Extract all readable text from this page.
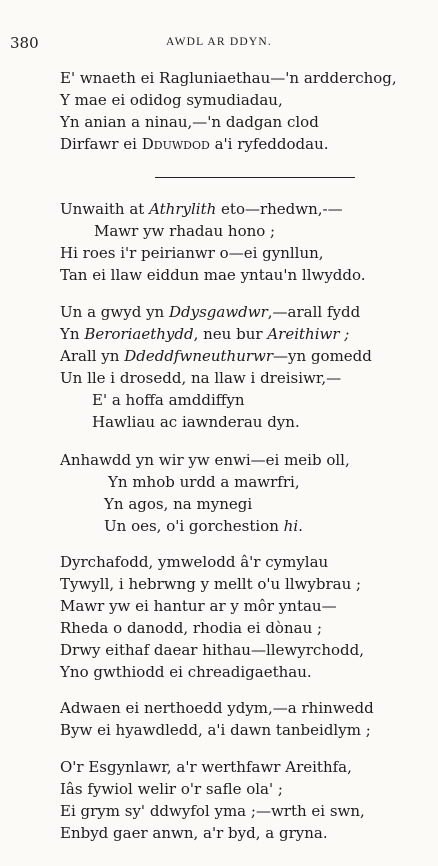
380	AWDL AR DDYN.
E' wnaeth ei Ragluniaethau—'n ardderchog,
Y mae ei odidog symudiadau,
Yn anian a ninau,—'n dadgan clod
Dirfawr ei Dduwdod a'i ryfeddodau.
Unwaith at Athrylith eto—rhedwn,-—
Mawr yw rhadau hono ;
Hi roes i'r peirianwr o—ei gynllun,
Tan ei llaw eiddun mae yntau'n llwyddo.
Un a gwyd yn Ddysgawdwr,—arall fydd
Yn Beroriaethydd, neu bur Areithiwr ;
Arall yn Ddeddfwneuthurwr—yn gomedd
Un lle i drosedd, na llaw i dreisiwr,—
E' a hoffa amddiffyn
Hawliau ac iawnderau dyn.
Anhawdd yn wir yw enwi—ei meib oll,
Yn mhob urdd a mawrfri,
Yn agos, na mynegi
Un oes, o'i gorchestion hi.
Dyrchafodd, ymwelodd â'r cymylau
Tywyll, i hebrwng y mellt o'u llwybrau ;
Mawr yw ei hantur ar y môr yntau—
Rheda o danodd, rhodia ei dònau ;
Drwy eithaf daear hithau—llewyrchodd,
Yno gwthiodd ei chreadigaethau.
Adwaen ei nerthoedd ydym,—a rhinwedd
Byw ei hyawdledd, a'i dawn tanbeidlym ;
O'r Esgynlawr, a'r werthfawr Areithfa,
Iâs fywiol welir o'r safle ola' ;
Ei grym sy' ddwyfol yma ;—wrth ei swn,
Enbyd gaer anwn, a'r byd, a gryna.
